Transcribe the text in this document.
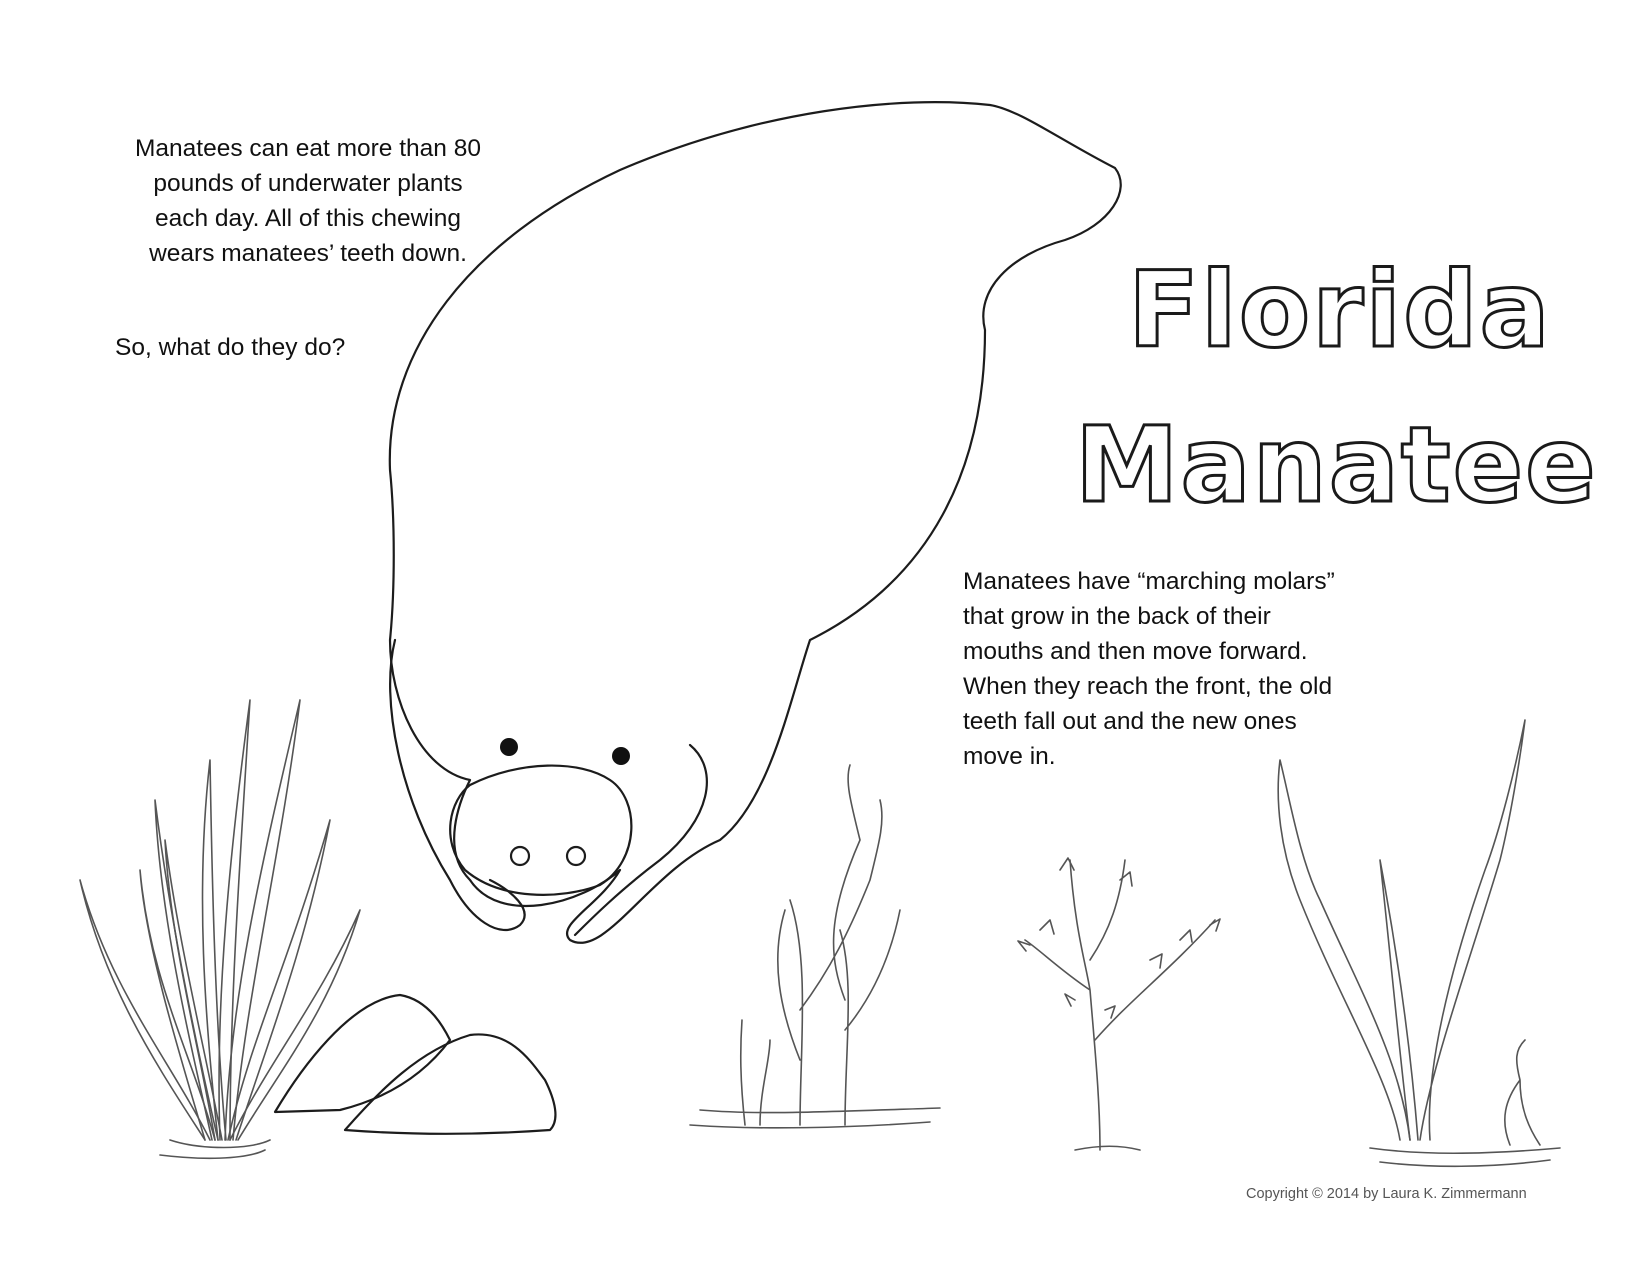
Manatees can eat more than 80 pounds of underwater plants each day. All of this chewing wears manatees’ teeth down.

So, what do they do?

Manatees have “marching molars” that grow in the back of their mouths and then move forward. When they reach the front, the old teeth fall out and the new ones move in.

Florida
Manatee

Copyright © 2014 by Laura K. Zimmermann
